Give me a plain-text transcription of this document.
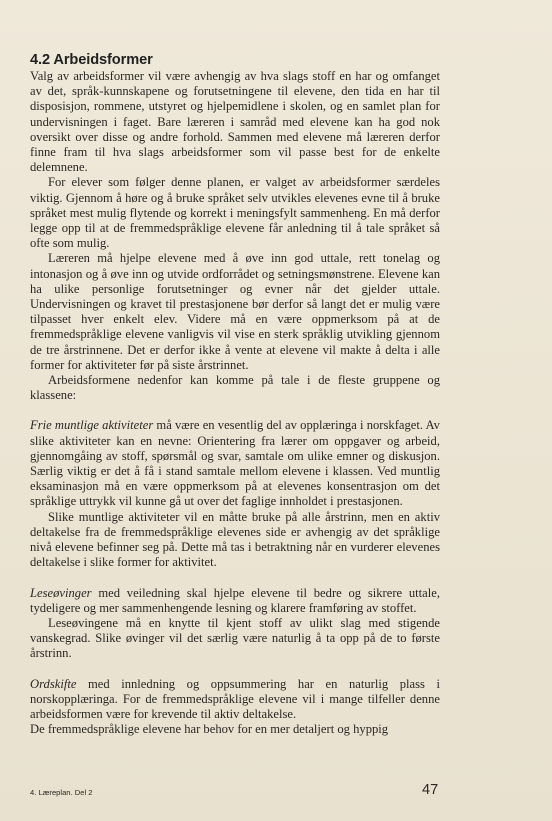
4.2 Arbeidsformer

Valg av arbeidsformer vil være avhengig av hva slags stoff en har og omfanget av det, språk-kunnskapene og forutsetningene til elevene, den tida en har til disposisjon, rommene, utstyret og hjelpemidlene i skolen, og en samlet plan for undervisningen i faget. Bare læreren i samråd med elevene kan ha god nok oversikt over disse og andre forhold. Sammen med elevene må læreren derfor finne fram til hva slags arbeidsformer som vil passe best for de enkelte delemnene.

For elever som følger denne planen, er valget av arbeidsformer særdeles viktig. Gjennom å høre og å bruke språket selv utvikles elevenes evne til å bruke språket mest mulig flytende og korrekt i meningsfylt sammenheng. En må derfor legge opp til at de fremmedspråklige elevene får anledning til å tale språket så ofte som mulig.

Læreren må hjelpe elevene med å øve inn god uttale, rett tonelag og intonasjon og å øve inn og utvide ordforrådet og setningsmønstrene. Elevene kan ha ulike personlige forutsetninger og evner når det gjelder uttale. Undervisningen og kravet til prestasjonene bør derfor så langt det er mulig være tilpasset hver enkelt elev. Videre må en være oppmerksom på at de fremmedspråklige elevene vanligvis vil vise en sterk språklig utvikling gjennom de tre årstrinnene. Det er derfor ikke å vente at elevene vil makte å delta i alle former for aktiviteter før på siste årstrinnet.

Arbeidsformene nedenfor kan komme på tale i de fleste gruppene og klassene:

Frie muntlige aktiviteter må være en vesentlig del av opplæringa i norskfaget. Av slike aktiviteter kan en nevne: Orientering fra lærer om oppgaver og arbeid, gjennomgåing av stoff, spørsmål og svar, samtale om ulike emner og diskusjon. Særlig viktig er det å få i stand samtale mellom elevene i klassen. Ved muntlig eksaminasjon må en være oppmerksom på at elevenes konsentrasjon om det språklige uttrykk vil kunne gå ut over det faglige innholdet i prestasjonen.

Slike muntlige aktiviteter vil en måtte bruke på alle årstrinn, men en aktiv deltakelse fra de fremmedspråklige elevenes side er avhengig av det språklige nivå elevene befinner seg på. Dette må tas i betraktning når en vurderer elevenes deltakelse i slike former for aktivitet.

Leseøvinger med veiledning skal hjelpe elevene til bedre og sikrere uttale, tydeligere og mer sammenhengende lesning og klarere framføring av stoffet.

Leseøvingene må en knytte til kjent stoff av ulikt slag med stigende vanskegrad. Slike øvinger vil det særlig være naturlig å ta opp på de to første årstrinn.

Ordskifte med innledning og oppsummering har en naturlig plass i norskopplæringa. For de fremmedspråklige elevene vil i mange tilfeller denne arbeidsformen være for krevende til aktiv deltakelse.

De fremmedspråklige elevene har behov for en mer detaljert og hyppig

4. Læreplan. Del 2	47
